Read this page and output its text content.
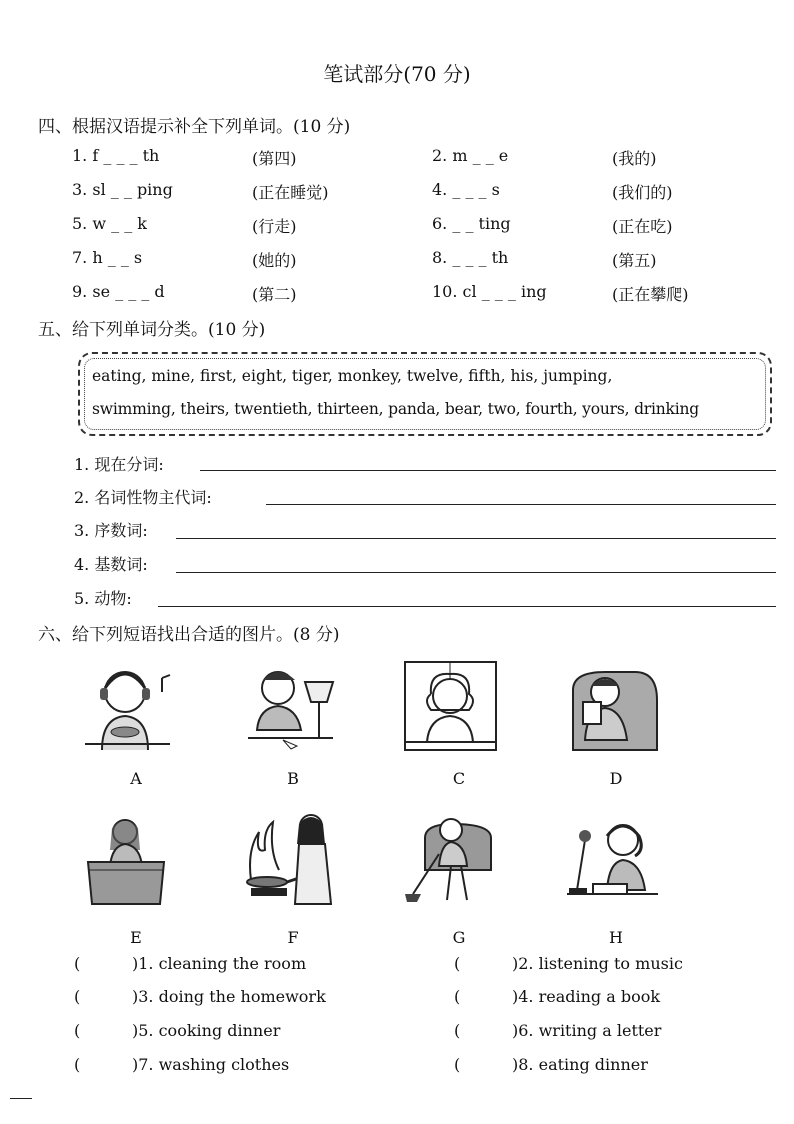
笔试部分(70 分)
四、根据汉语提示补全下列单词。(10 分)
1. f _ _ _ th	(第四)	2. m _ _ e	(我的)
3. sl _ _ ping	(正在睡觉)	4. _ _ _ s	(我们的)
5. w _ _ k	(行走)	6. _ _ ting	(正在吃)
7. h _ _ s	(她的)	8. _ _ _ th	(第五)
9. se _ _ _ d	(第二)	10. cl _ _ _ ing	(正在攀爬)
五、给下列单词分类。(10 分)
eating, mine, first, eight, tiger, monkey, twelve, fifth, his, jumping,
swimming, theirs, twentieth, thirteen, panda, bear, two, fourth, yours, drinking
1. 现在分词:
2. 名词性物主代词:
3. 序数词:
4. 基数词:
5. 动物:
六、给下列短语找出合适的图片。(8 分)
A	B	C	D
E	F	G	H
(	)1. cleaning the room	(	)2. listening to music
(	)3. doing the homework	(	)4. reading a book
(	)5. cooking dinner	(	)6. writing a letter
(	)7. washing clothes	(	)8. eating dinner
